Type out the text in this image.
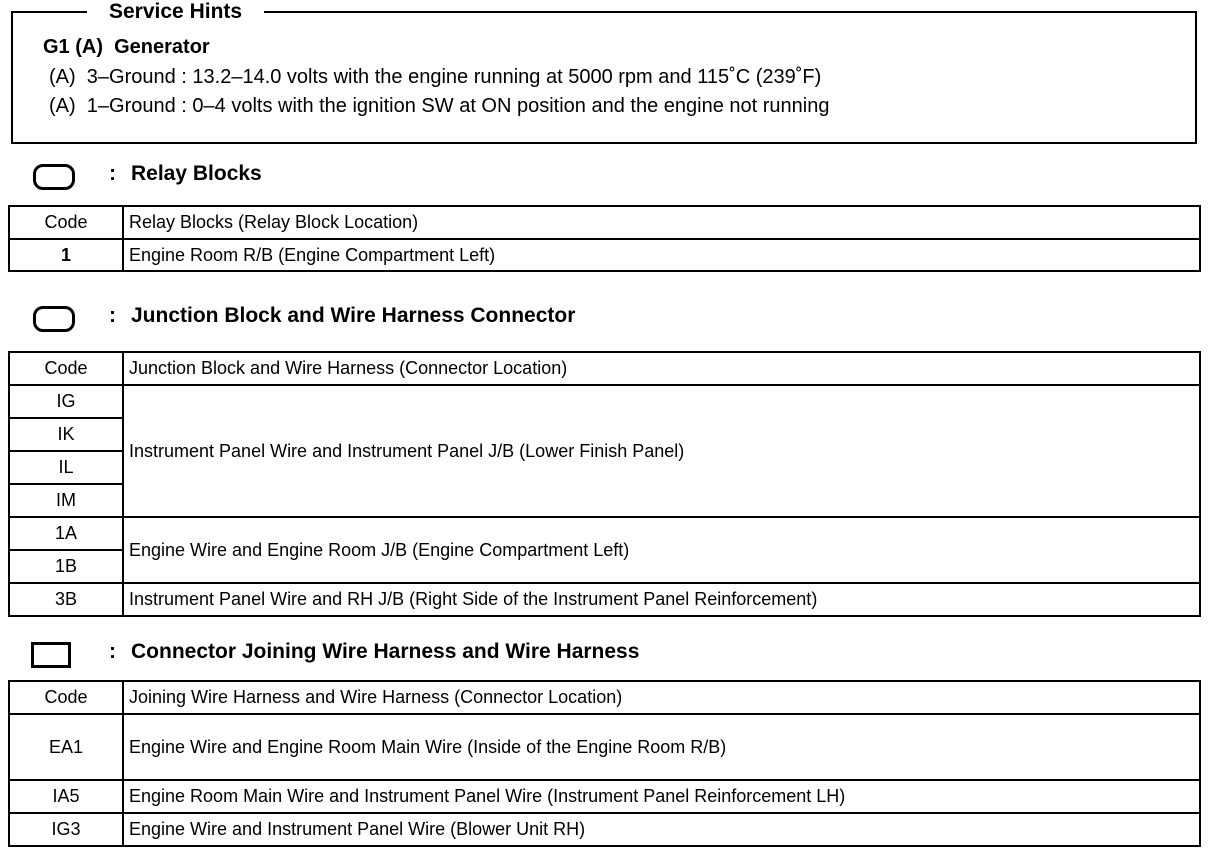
Service Hints
G1 (A)  Generator
(A)  3–Ground : 13.2–14.0 volts with the engine running at 5000 rpm and 115˚C (239˚F)
(A)  1–Ground : 0–4 volts with the ignition SW at ON position and the engine not running
: Relay Blocks
Code	Relay Blocks (Relay Block Location)
1	Engine Room R/B (Engine Compartment Left)
: Junction Block and Wire Harness Connector
Code	Junction Block and Wire Harness (Connector Location)
IG	Instrument Panel Wire and Instrument Panel J/B (Lower Finish Panel)
IK	
IL	
IM	
1A	Engine Wire and Engine Room J/B (Engine Compartment Left)
1B	
3B	Instrument Panel Wire and RH J/B (Right Side of the Instrument Panel Reinforcement)
: Connector Joining Wire Harness and Wire Harness
Code	Joining Wire Harness and Wire Harness (Connector Location)
EA1	Engine Wire and Engine Room Main Wire (Inside of the Engine Room R/B)
IA5	Engine Room Main Wire and Instrument Panel Wire (Instrument Panel Reinforcement LH)
IG3	Engine Wire and Instrument Panel Wire (Blower Unit RH)
